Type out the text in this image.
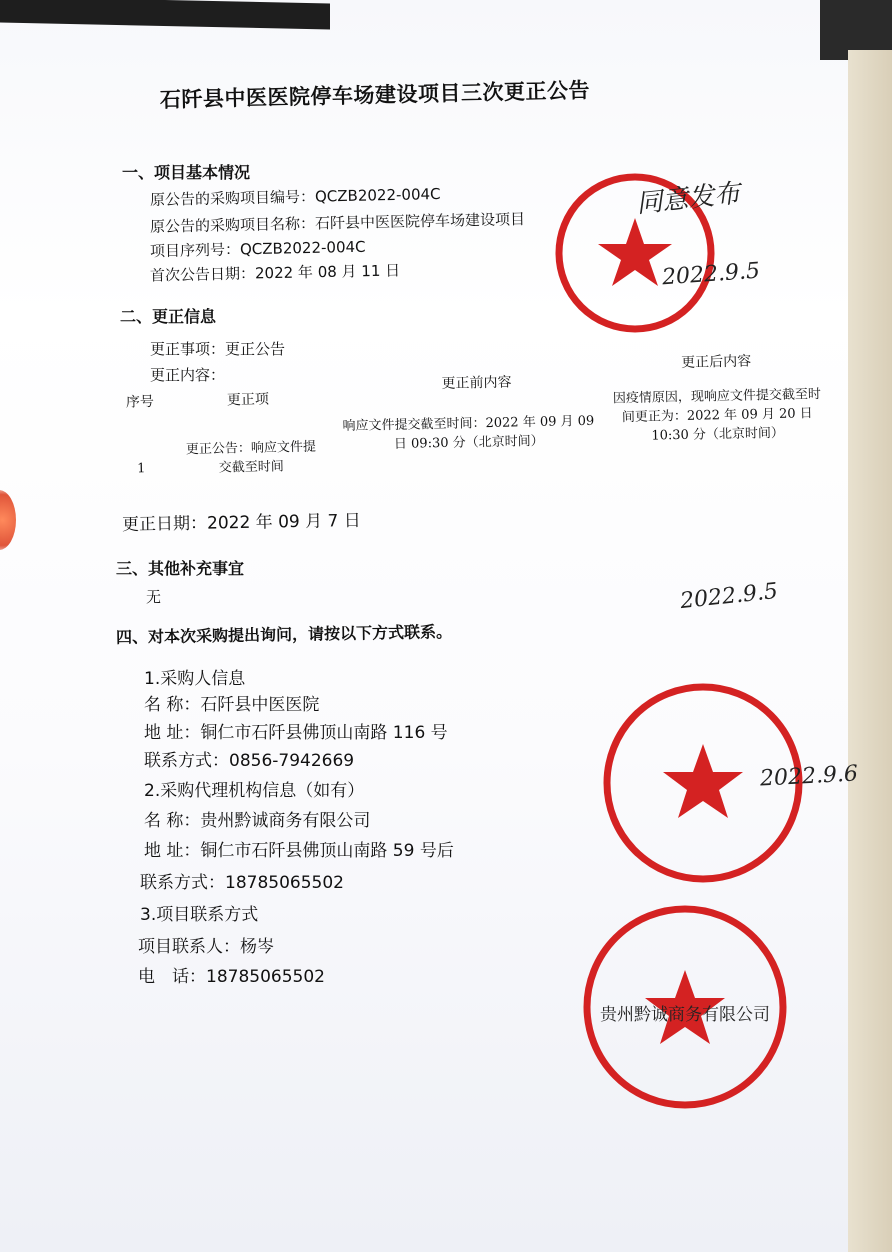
石阡县中医医院停车场建设项目三次更正公告
一、项目基本情况
原公告的采购项目编号：QCZB2022-004C
原公告的采购项目名称：石阡县中医医院停车场建设项目
项目序列号：QCZB2022-004C
首次公告日期：2022 年 08 月 11 日
二、更正信息
更正事项：更正公告
更正内容：
序号	更正项
更正前内容
更正后内容
1
更正公告：响应文件提交截至时间
响应文件提交截至时间：2022 年 09 月 09 日 09:30 分（北京时间）
因疫情原因，现响应文件提交截至时间更正为：2022 年 09 月 20 日 10:30 分（北京时间）
更正日期：2022 年 09 月 7 日
三、其他补充事宜
无
四、对本次采购提出询问，请按以下方式联系。
1.采购人信息
名 称：石阡县中医医院
地 址：铜仁市石阡县佛顶山南路 116 号
联系方式：0856-7942669
2.采购代理机构信息（如有）
名 称：贵州黔诚商务有限公司
地 址：铜仁市石阡县佛顶山南路 59 号后
联系方式：18785065502
3.项目联系方式
项目联系人：杨岑
电　话：18785065502
贵州黔诚商务有限公司
同意发布
2022.9.5
2022.9.5
2022.9.6
